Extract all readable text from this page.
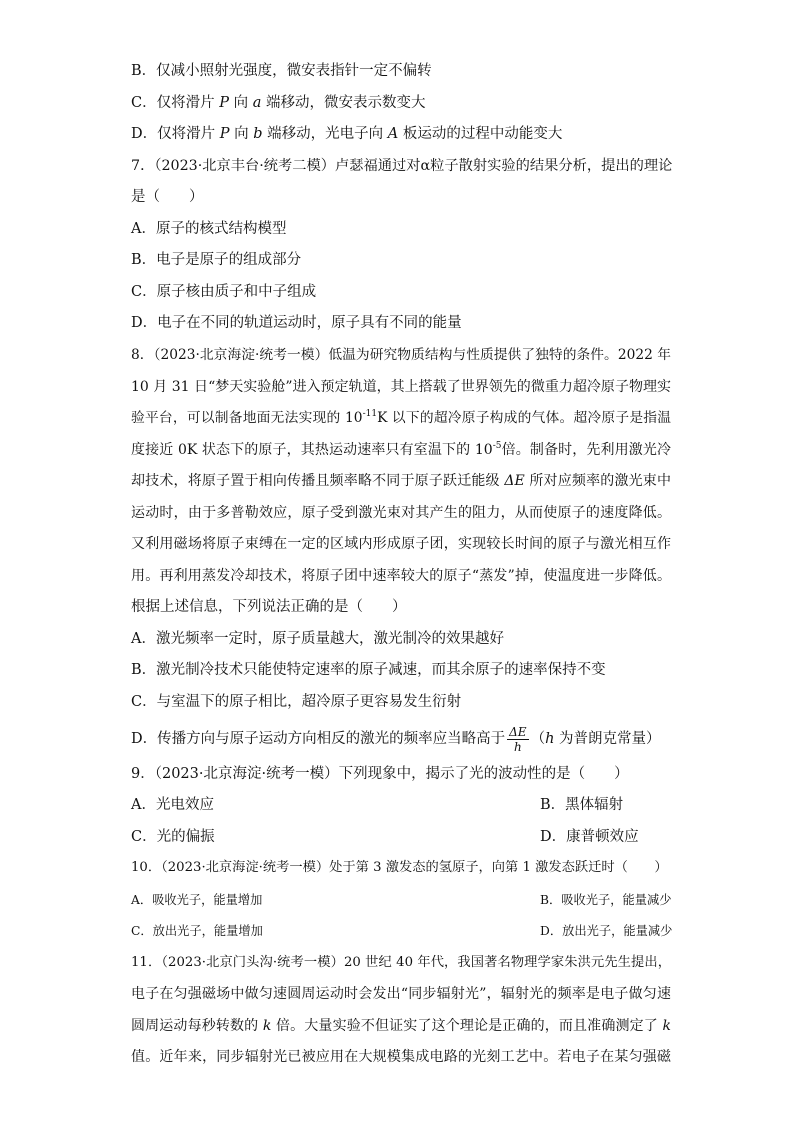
B．仅减小照射光强度，微安表指针一定不偏转
C．仅将滑片 P 向 a 端移动，微安表示数变大
D．仅将滑片 P 向 b 端移动，光电子向 A 板运动的过程中动能变大
7．（2023·北京丰台·统考二模）卢瑟福通过对α粒子散射实验的结果分析，提出的理论
是（　　）
A．原子的核式结构模型
B．电子是原子的组成部分
C．原子核由质子和中子组成
D．电子在不同的轨道运动时，原子具有不同的能量
8．（2023·北京海淀·统考一模）低温为研究物质结构与性质提供了独特的条件。2022 年
10 月 31 日“梦天实验舱”进入预定轨道，其上搭载了世界领先的微重力超冷原子物理实
验平台，可以制备地面无法实现的 $10^{-11}K$ 以下的超冷原子构成的气体。超冷原子是指温
度接近 0K 状态下的原子，其热运动速率只有室温下的 $10^{-5}$倍。制备时，先利用激光冷
却技术，将原子置于相向传播且频率略不同于原子跃迁能级 ΔE 所对应频率的激光束中
运动时，由于多普勒效应，原子受到激光束对其产生的阻力，从而使原子的速度降低。
又利用磁场将原子束缚在一定的区域内形成原子团，实现较长时间的原子与激光相互作
用。再利用蒸发冷却技术，将原子团中速率较大的原子“蒸发”掉，使温度进一步降低。
根据上述信息，下列说法正确的是（　　）
A．激光频率一定时，原子质量越大，激光制冷的效果越好
B．激光制冷技术只能使特定速率的原子减速，而其余原子的速率保持不变
C．与室温下的原子相比，超冷原子更容易发生衍射
D．传播方向与原子运动方向相反的激光的频率应当略高于 $\frac{\Delta E}{h} (h$ 为普朗克常量）
9．（2023·北京海淀·统考一模）下列现象中，揭示了光的波动性的是（　　）
A．光电效应	B．黑体辐射
C．光的偏振	D．康普顿效应
10．（2023·北京海淀·统考一模）处于第 3 激发态的氢原子，向第 1 激发态跃迁时（　　）
A．吸收光子，能量增加	B．吸收光子，能量减少
C．放出光子，能量增加	D．放出光子，能量减少
11．（2023·北京门头沟·统考一模）20 世纪 40 年代，我国著名物理学家朱洪元先生提出，
电子在匀强磁场中做匀速圆周运动时会发出“同步辐射光”，辐射光的频率是电子做匀速
圆周运动每秒转数的 k 倍。大量实验不但证实了这个理论是正确的，而且准确测定了 k
值。近年来，同步辐射光已被应用在大规模集成电路的光刻工艺中。若电子在某匀强磁
